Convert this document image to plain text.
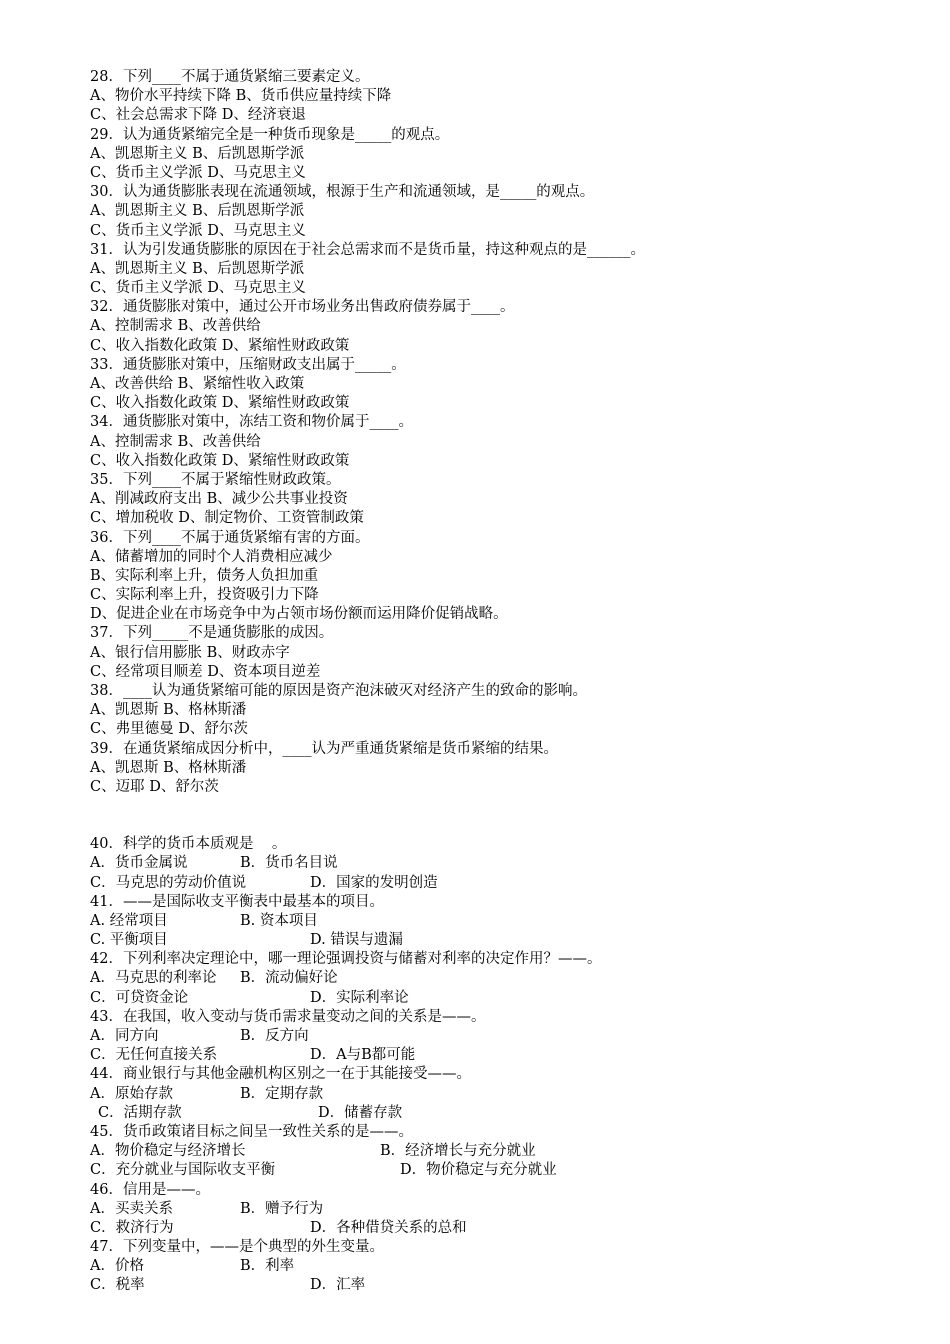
28．下列____不属于通货紧缩三要素定义。
A、物价水平持续下降 B、货币供应量持续下降
C、社会总需求下降 D、经济衰退
29．认为通货紧缩完全是一种货币现象是_____的观点。
A、凯恩斯主义 B、后凯恩斯学派
C、货币主义学派 D、马克思主义
30．认为通货膨胀表现在流通领域，根源于生产和流通领域，是_____的观点。
A、凯恩斯主义 B、后凯恩斯学派
C、货币主义学派 D、马克思主义
31．认为引发通货膨胀的原因在于社会总需求而不是货币量，持这种观点的是______。
A、凯恩斯主义 B、后凯恩斯学派
C、货币主义学派 D、马克思主义
32．通货膨胀对策中，通过公开市场业务出售政府债券属于____。
A、控制需求 B、改善供给
C、收入指数化政策 D、紧缩性财政政策
33．通货膨胀对策中，压缩财政支出属于_____。
A、改善供给 B、紧缩性收入政策
C、收入指数化政策 D、紧缩性财政政策
34．通货膨胀对策中，冻结工资和物价属于____。
A、控制需求 B、改善供给
C、收入指数化政策 D、紧缩性财政政策
35．下列____不属于紧缩性财政政策。
A、削减政府支出 B、减少公共事业投资
C、增加税收 D、制定物价、工资管制政策
36．下列____不属于通货紧缩有害的方面。
A、储蓄增加的同时个人消费相应减少
B、实际利率上升，债务人负担加重
C、实际利率上升，投资吸引力下降
D、促进企业在市场竞争中为占领市场份额而运用降价促销战略。
37．下列_____不是通货膨胀的成因。
A、银行信用膨胀 B、财政赤字
C、经常项目顺差 D、资本项目逆差
38．____认为通货紧缩可能的原因是资产泡沫破灭对经济产生的致命的影响。
A、凯恩斯 B、格林斯潘
C、弗里德曼 D、舒尔茨
39．在通货紧缩成因分析中，____认为严重通货紧缩是货币紧缩的结果。
A、凯恩斯 B、格林斯潘
C、迈耶 D、舒尔茨
40．科学的货币本质观是    。
A．货币金属说	B．货币名目说
C．马克思的劳动价值说	D．国家的发明创造
41．——是国际收支平衡表中最基本的项目。
A. 经常项目	B. 资本项目
C. 平衡项目	D. 错误与遗漏
42．下列利率决定理论中，哪一理论强调投资与储蓄对利率的决定作用？——。
A．马克思的利率论	B．流动偏好论
C．可贷资金论	D．实际利率论
43．在我国，收入变动与货币需求量变动之间的关系是——。
A．同方向	B．反方向
C．无任何直接关系	D．A与B都可能
44．商业银行与其他金融机构区别之一在于其能接受——。
A．原始存款	B．定期存款
C．活期存款	D．储蓄存款
45．货币政策诸目标之间呈一致性关系的是——。
A．物价稳定与经济增长	B．经济增长与充分就业
C．充分就业与国际收支平衡	D．物价稳定与充分就业
46．信用是——。
A．买卖关系	B．赠予行为
C．救济行为	D．各种借贷关系的总和
47．下列变量中，——是个典型的外生变量。
A．价格	B．利率
C．税率	D．汇率
